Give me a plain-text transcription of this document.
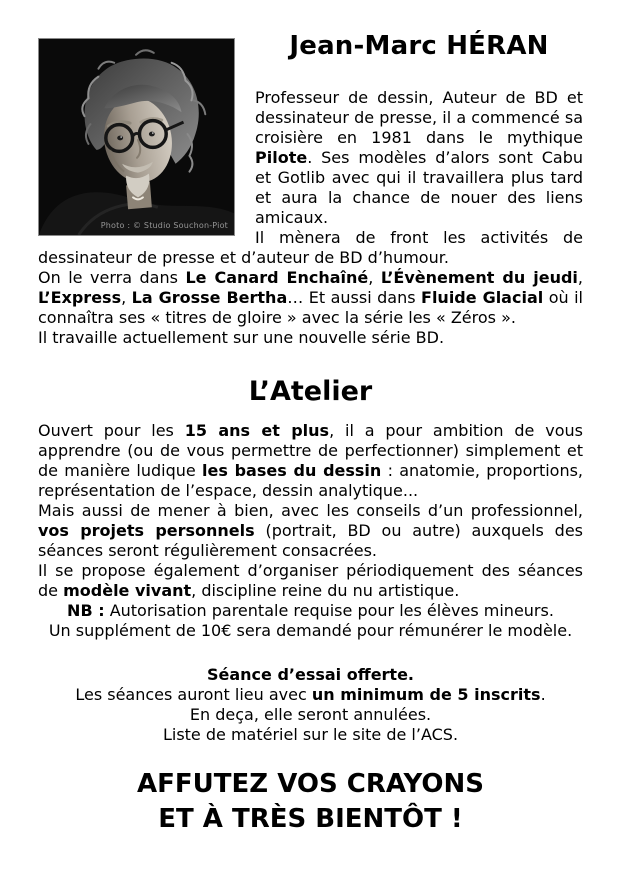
Photo : © Studio Souchon-Piot
Jean-Marc HÉRAN

Professeur de dessin, Auteur de BD et dessinateur de presse, il a commencé sa croisière en 1981 dans le mythique Pilote. Ses modèles d’alors sont Cabu et Gotlib avec qui il travaillera plus tard et aura la chance de nouer des liens amicaux.
Il mènera de front les activités de dessinateur de presse et d’auteur de BD d’humour.
On le verra dans Le Canard Enchaîné, L’Évènement du jeudi, L’Express, La Grosse Bertha… Et aussi dans Fluide Glacial où il connaîtra ses « titres de gloire » avec la série les « Zéros ».
Il travaille actuellement sur une nouvelle série BD.

L’Atelier

Ouvert pour les 15 ans et plus, il a pour ambition de vous apprendre (ou de vous permettre de perfectionner) simplement et de manière ludique les bases du dessin : anatomie, proportions, représentation de l’espace, dessin analytique...
Mais aussi de mener à bien, avec les conseils d’un professionnel, vos projets personnels (portrait, BD ou autre) auxquels des séances seront régulièrement consacrées.

Il se propose également d’organiser périodiquement des séances de modèle vivant, discipline reine du nu artistique.

NB : Autorisation parentale requise pour les élèves mineurs.
Un supplément de 10€ sera demandé pour rémunérer le modèle.
Séance d’essai offerte.
Les séances auront lieu avec un minimum de 5 inscrits.
En deça, elle seront annulées.
Liste de matériel sur le site de l’ACS.
AFFUTEZ VOS CRAYONS
ET À TRÈS BIENTÔT !
